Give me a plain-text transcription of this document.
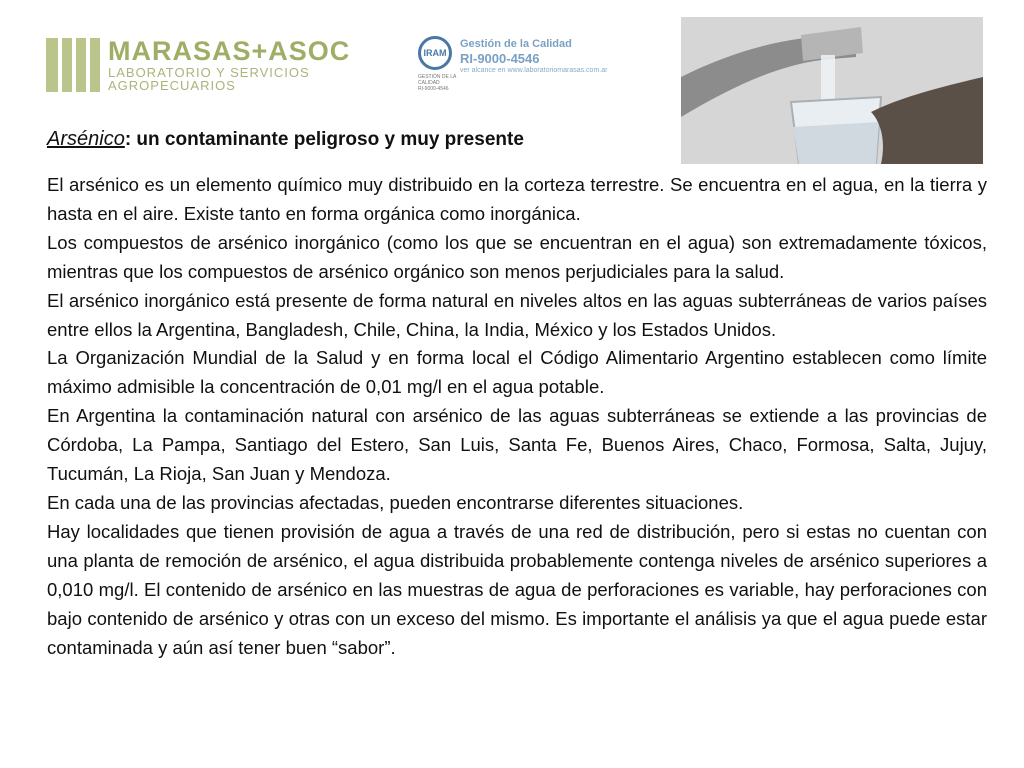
MARASAS+ASOC
LABORATORIO Y SERVICIOS
AGROPECUARIOS
IRAM
GESTIÓN DE LA CALIDAD
RI-9000-4546
Gestión de la Calidad
RI-9000-4546
ver alcance en www.laboratoriomarasas.com.ar
Arsénico: un contaminante peligroso y muy presente

El arsénico es un elemento químico muy distribuido en la corteza terrestre. Se encuentra en el agua, en la tierra y hasta en el aire. Existe tanto en forma orgánica como inorgánica.

Los compuestos de arsénico inorgánico (como los que se encuentran en el agua) son extremadamente tóxicos, mientras que los compuestos de arsénico orgánico son menos perjudiciales para la salud.

El arsénico inorgánico está presente de forma natural en niveles altos en las aguas subterráneas de varios países entre ellos la Argentina, Bangladesh, Chile, China, la India, México y los Estados Unidos.

La Organización Mundial de la Salud y en forma local el Código Alimentario Argentino establecen como límite máximo admisible la concentración de 0,01 mg/l en el agua potable.

En Argentina la contaminación natural con arsénico de las aguas subterráneas se extiende a las provincias de Córdoba, La Pampa, Santiago del Estero, San Luis, Santa Fe, Buenos Aires, Chaco, Formosa, Salta, Jujuy, Tucumán, La Rioja, San Juan y Mendoza.

En cada una de las provincias afectadas, pueden encontrarse diferentes situaciones.

Hay localidades que tienen provisión de agua a través de una red de distribución, pero si estas no cuentan con una planta de remoción de arsénico, el agua distribuida probablemente contenga niveles de arsénico superiores a 0,010 mg/l. El contenido de arsénico en las muestras de agua de perforaciones es variable, hay perforaciones con bajo contenido de arsénico y otras con un exceso del mismo. Es importante el análisis ya que el agua puede estar contaminada y aún así tener buen “sabor”.
